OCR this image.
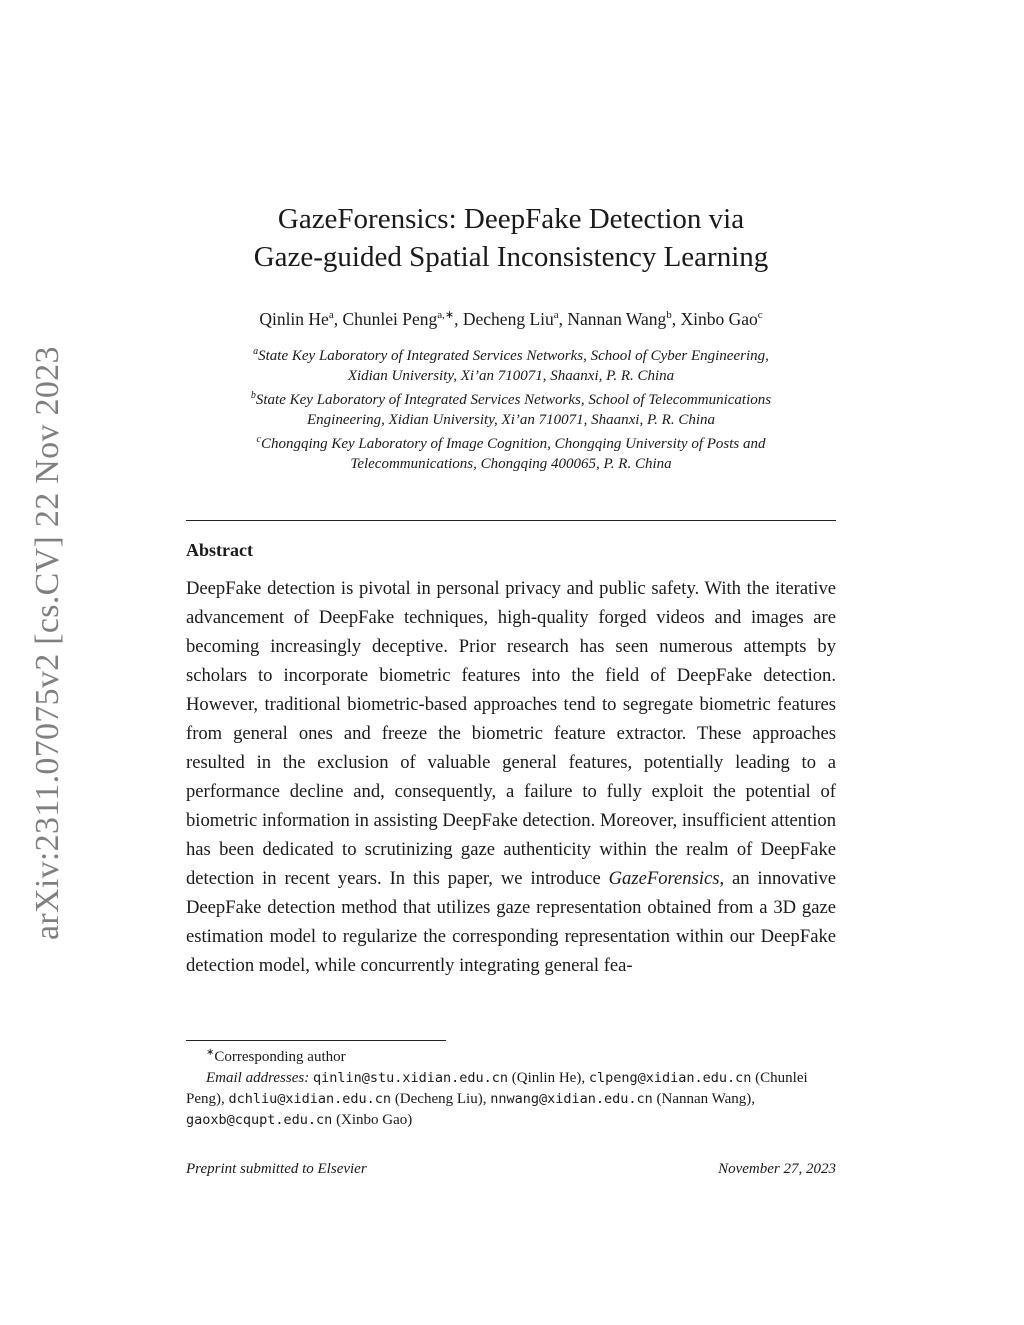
arXiv:2311.07075v2 [cs.CV] 22 Nov 2023
GazeForensics: DeepFake Detection via
Gaze-guided Spatial Inconsistency Learning
Qinlin He$^a$, Chunlei Peng$^{a,∗}$, Decheng Liu$^a$, Nannan Wang$^b$, Xinbo Gao$^c$
$^a$State Key Laboratory of Integrated Services Networks, School of Cyber Engineering,
Xidian University, Xi’an 710071, Shaanxi, P. R. China
$^b$State Key Laboratory of Integrated Services Networks, School of Telecommunications
Engineering, Xidian University, Xi’an 710071, Shaanxi, P. R. China
$^c$Chongqing Key Laboratory of Image Cognition, Chongqing University of Posts and
Telecommunications, Chongqing 400065, P. R. China
Abstract

DeepFake detection is pivotal in personal privacy and public safety. With the iterative advancement of DeepFake techniques, high-quality forged videos and images are becoming increasingly deceptive. Prior research has seen numerous attempts by scholars to incorporate biometric features into the field of DeepFake detection. However, traditional biometric-based approaches tend to segregate biometric features from general ones and freeze the biometric feature extractor. These approaches resulted in the exclusion of valuable general features, potentially leading to a performance decline and, consequently, a failure to fully exploit the potential of biometric information in assisting DeepFake detection. Moreover, insufficient attention has been dedicated to scrutinizing gaze authenticity within the realm of DeepFake detection in recent years. In this paper, we introduce GazeForensics, an innovative DeepFake detection method that utilizes gaze representation obtained from a 3D gaze estimation model to regularize the corresponding representation within our DeepFake detection model, while concurrently integrating general fea-

∗Corresponding author
Email addresses: qinlin@stu.xidian.edu.cn (Qinlin He), clpeng@xidian.edu.cn (Chunlei Peng), dchliu@xidian.edu.cn (Decheng Liu), nnwang@xidian.edu.cn (Nannan Wang), gaoxb@cqupt.edu.cn (Xinbo Gao)
Preprint submitted to Elsevier	November 27, 2023
